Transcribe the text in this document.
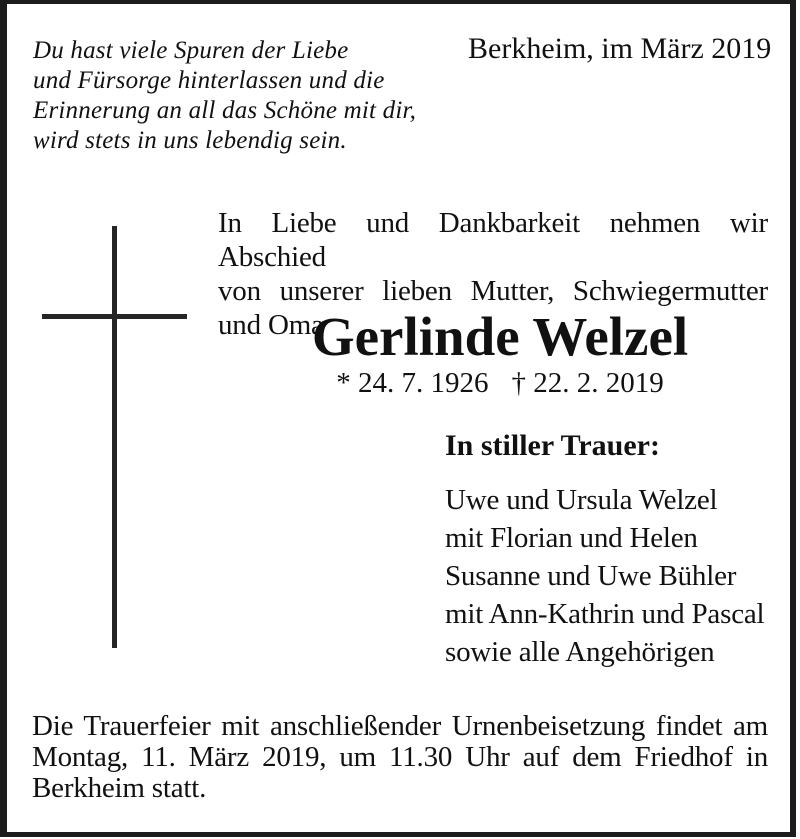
Du hast viele Spuren der Liebe
und Fürsorge hinterlassen und die
Erinnerung an all das Schöne mit dir,
wird stets in uns lebendig sein.
Berkheim, im März 2019
In Liebe und Dankbarkeit nehmen wir Abschied
von unserer lieben Mutter, Schwiegermutter
und Oma
Gerlinde Welzel
* 24. 7. 1926 † 22. 2. 2019
In stiller Trauer:
Uwe und Ursula Welzel
mit Florian und Helen
Susanne und Uwe Bühler
mit Ann-Kathrin und Pascal
sowie alle Angehörigen
Die Trauerfeier mit anschließender Urnenbeisetzung findet am
Montag, 11. März 2019, um 11.30 Uhr auf dem Friedhof in
Berkheim statt.
